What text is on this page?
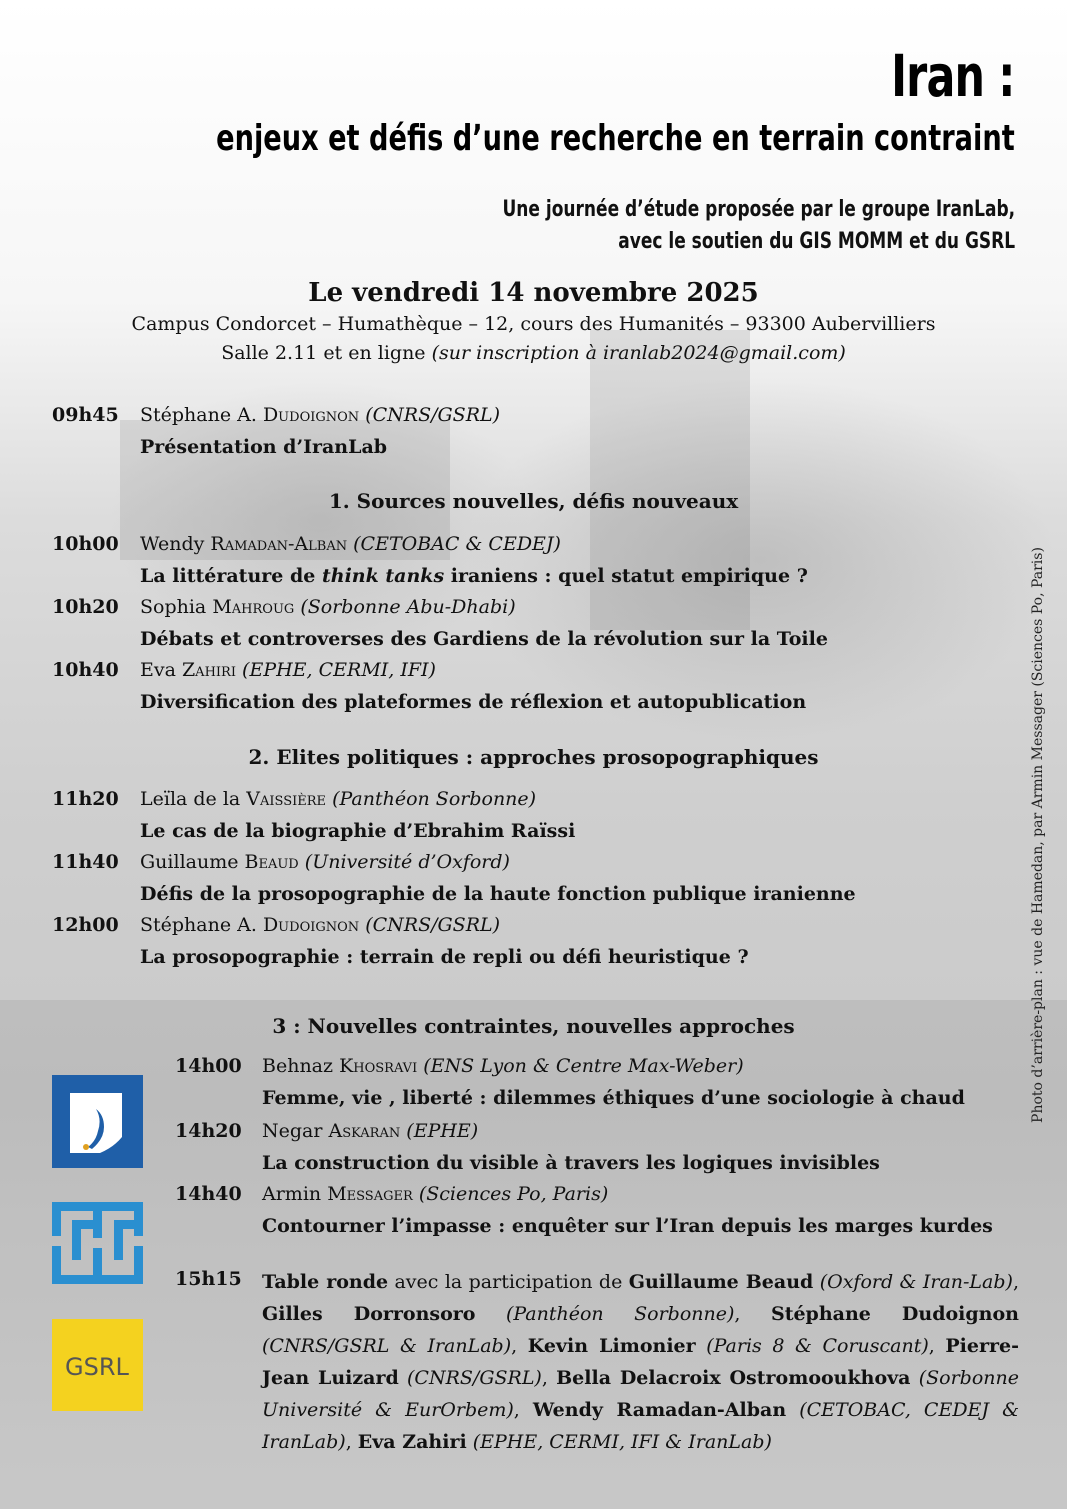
Iran :
enjeux et défis d’une recherche en terrain contraint
Une journée d’étude proposée par le groupe IranLab,
avec le soutien du GIS MOMM et du GSRL
Le vendredi 14 novembre 2025
Campus Condorcet – Humathèque – 12, cours des Humanités – 93300 Aubervilliers
Salle 2.11 et en ligne (sur inscription à iranlab2024@gmail.com)
09h45 Stéphane A. Dudoignon (CNRS/GSRL)
Présentation d’IranLab
1. Sources nouvelles, défis nouveaux
10h00 Wendy Ramadan-Alban (CETOBAC & CEDEJ)
La littérature de think tanks iraniens : quel statut empirique ?
10h20 Sophia Mahroug (Sorbonne Abu-Dhabi)
Débats et controverses des Gardiens de la révolution sur la Toile
10h40 Eva Zahiri (EPHE, CERMI, IFI)
Diversification des plateformes de réflexion et autopublication
2. Elites politiques : approches prosopographiques
11h20 Leïla de la Vaissière (Panthéon Sorbonne)
Le cas de la biographie d’Ebrahim Raïssi
11h40 Guillaume Beaud (Université d’Oxford)
Défis de la prosopographie de la haute fonction publique iranienne
12h00 Stéphane A. Dudoignon (CNRS/GSRL)
La prosopographie : terrain de repli ou défi heuristique ?
3 : Nouvelles contraintes, nouvelles approches
14h00 Behnaz Khosravi (ENS Lyon & Centre Max-Weber)
Femme, vie , liberté : dilemmes éthiques d’une sociologie à chaud
14h20 Negar Askaran (EPHE)
La construction du visible à travers les logiques invisibles
14h40 Armin Messager (Sciences Po, Paris)
Contourner l’impasse : enquêter sur l’Iran depuis les marges kurdes
15h15 Table ronde avec la participation de Guillaume Beaud (Oxford & Iran-Lab), Gilles Dorronsoro (Panthéon Sorbonne), Stéphane Dudoignon (CNRS/GSRL & IranLab), Kevin Limonier (Paris 8 & Coruscant), Pierre-Jean Luizard (CNRS/GSRL), Bella Delacroix Ostromooukhova (Sorbonne Université & EurOrbem), Wendy Ramadan-Alban (CETOBAC, CEDEJ & IranLab), Eva Zahiri (EPHE, CERMI, IFI & IranLab)
GSRL
Photo d’arrière-plan : vue de Hamedan, par Armin Messager (Sciences Po, Paris)
